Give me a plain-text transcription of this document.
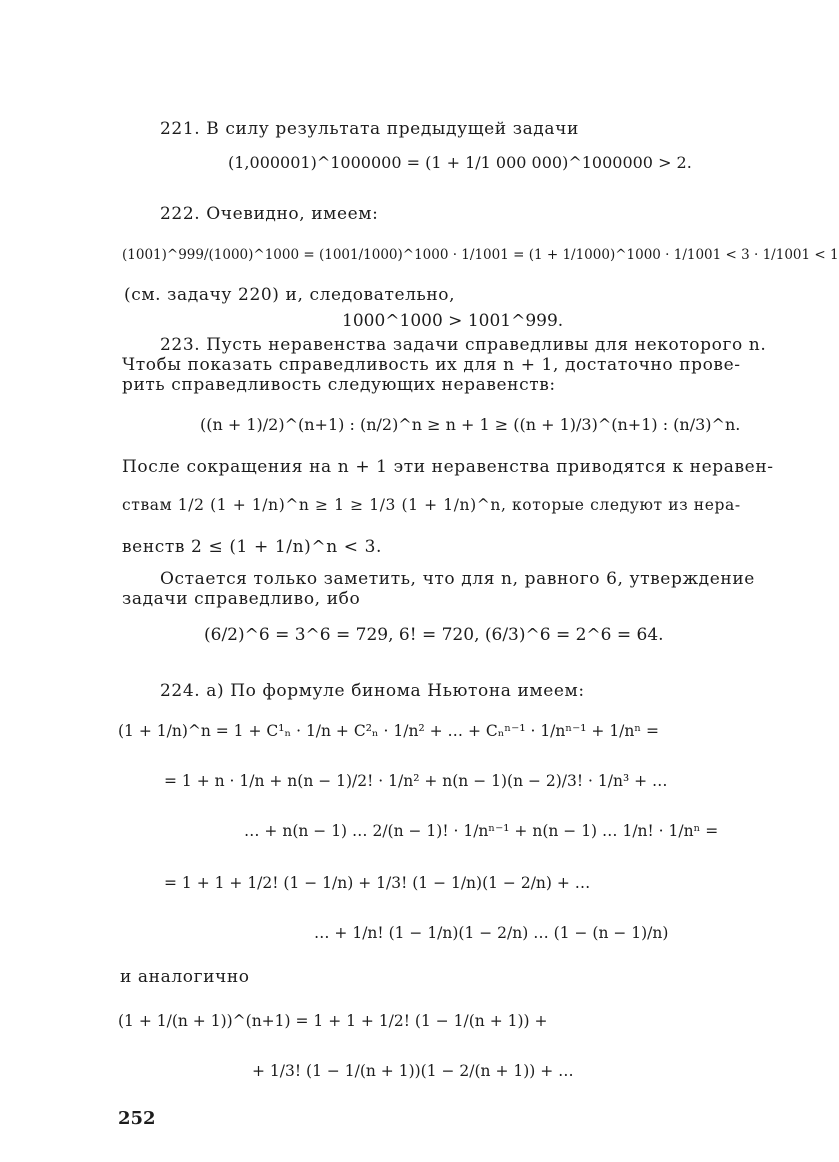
221. В силу результата предыдущей задачи
(1,000001)^1000000 = (1 + 1/1 000 000)^1000000 > 2.
222. Очевидно, имеем:
(1001)^999/(1000)^1000 = (1001/1000)^1000 · 1/1001 = (1 + 1/1000)^1000 · 1/1001 < 3 · 1/1001 < 1
(см. задачу 220) и, следовательно,
1000^1000 > 1001^999.
223. Пусть неравенства задачи справедливы для некоторого n.
Чтобы показать справедливость их для n + 1, достаточно прове-
рить справедливость следующих неравенств:
((n + 1)/2)^(n+1) : (n/2)^n ≥ n + 1 ≥ ((n + 1)/3)^(n+1) : (n/3)^n.
После сокращения на n + 1 эти неравенства приводятся к нерaвeн-
ствам 1/2 (1 + 1/n)^n ≥ 1 ≥ 1/3 (1 + 1/n)^n, которые следуют из нера-
венств 2 ≤ (1 + 1/n)^n < 3.
Остается только заметить, что для n, равного 6, утверждение
задачи справедливо, ибо
(6/2)^6 = 3^6 = 729, 6! = 720, (6/3)^6 = 2^6 = 64.
224. а) По формуле бинома Ньютона имеем:
(1 + 1/n)^n = 1 + C¹ₙ · 1/n + C²ₙ · 1/n² + … + Cₙⁿ⁻¹ · 1/nⁿ⁻¹ + 1/nⁿ =
= 1 + n · 1/n + n(n − 1)/2! · 1/n² + n(n − 1)(n − 2)/3! · 1/n³ + …
… + n(n − 1) … 2/(n − 1)! · 1/nⁿ⁻¹ + n(n − 1) … 1/n! · 1/nⁿ =
= 1 + 1 + 1/2! (1 − 1/n) + 1/3! (1 − 1/n)(1 − 2/n) + …
… + 1/n! (1 − 1/n)(1 − 2/n) … (1 − (n − 1)/n)
и аналогично
(1 + 1/(n + 1))^(n+1) = 1 + 1 + 1/2! (1 − 1/(n + 1)) +
+ 1/3! (1 − 1/(n + 1))(1 − 2/(n + 1)) + …
252
